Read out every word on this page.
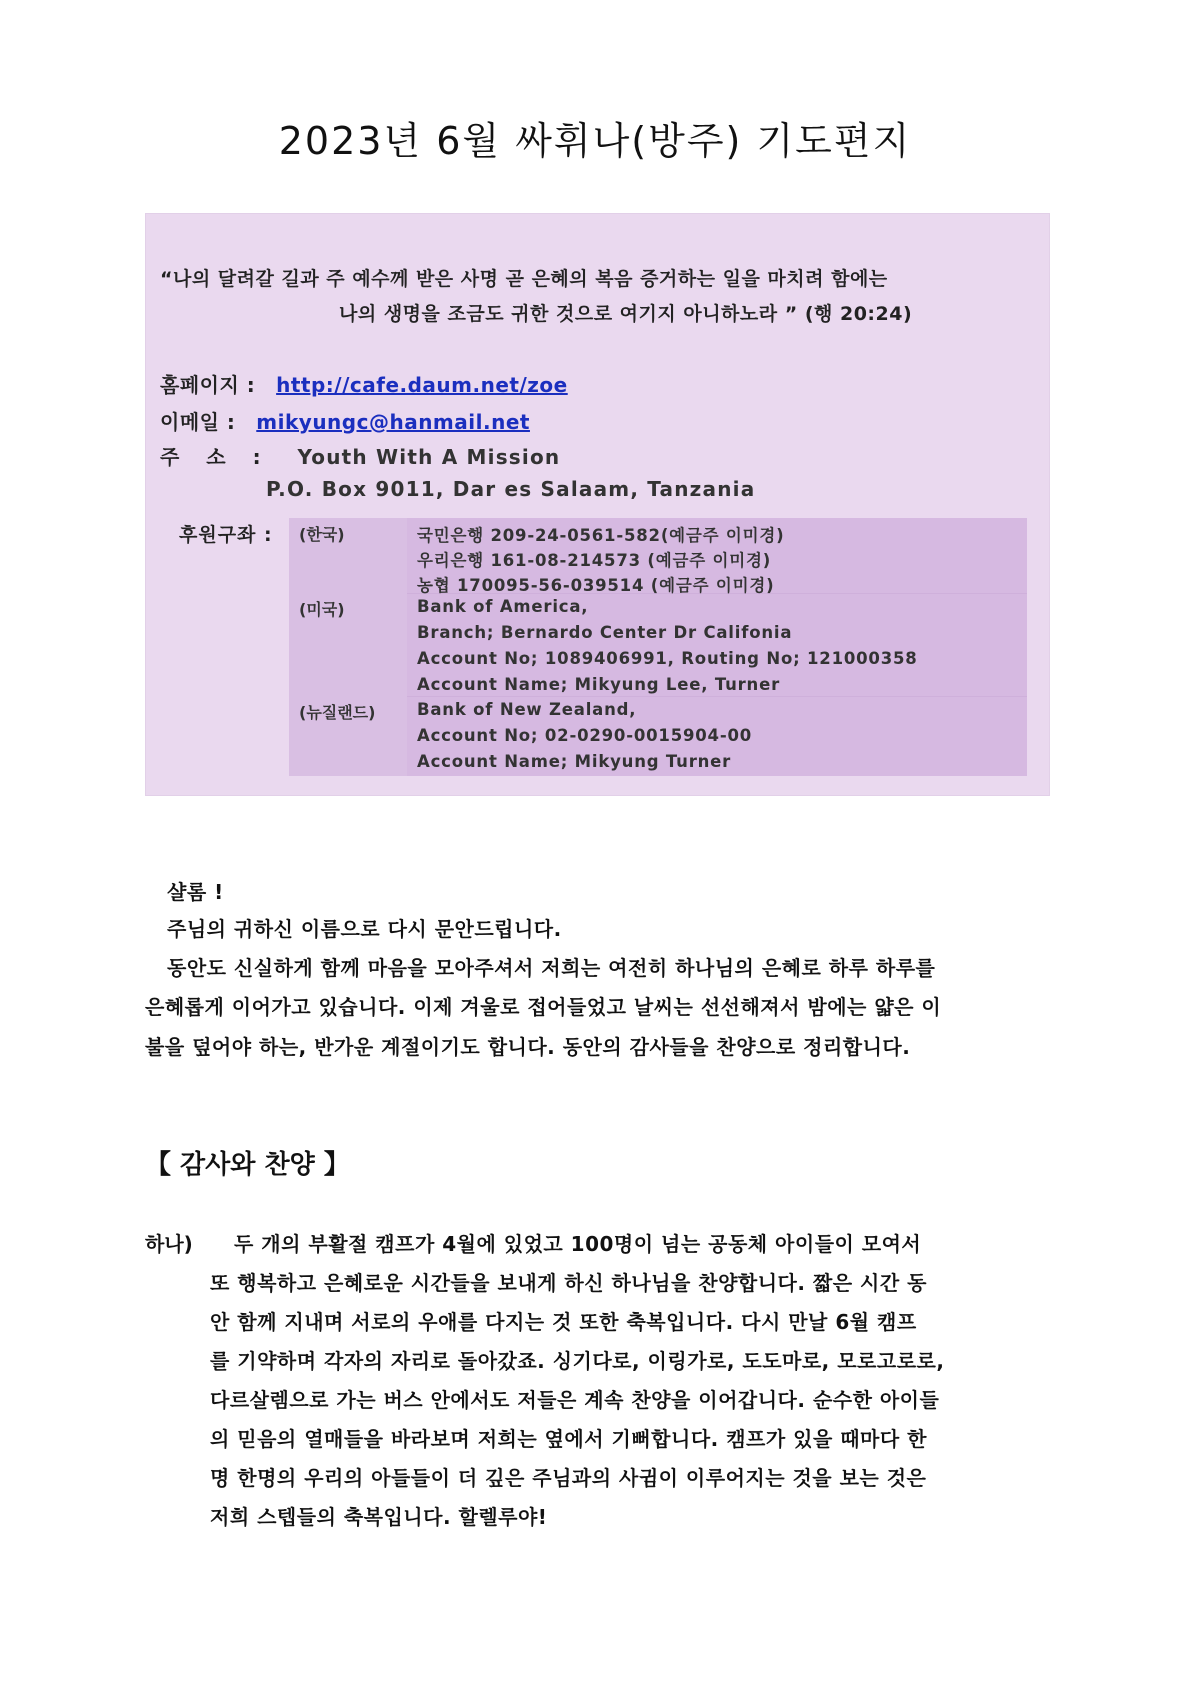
2023년 6월 싸휘나(방주) 기도편지
“나의 달려갈 길과 주 예수께 받은 사명 곧 은혜의 복음 증거하는 일을 마치려 함에는
나의 생명을 조금도 귀한 것으로 여기지 아니하노라 ” (행 20:24)
홈페이지 : http://cafe.daum.net/zoe
이메일 : mikyungc@hanmail.net
주 소 : Youth With A Mission
P.O. Box 9011, Dar es Salaam, Tanzania
후원구좌 : (한국)	국민은행 209-24-0561-582(예금주 이미경)
우리은행 161-08-214573 (예금주 이미경)
농협 170095-56-039514 (예금주 이미경)
(미국)	Bank of America,
Branch; Bernardo Center Dr Califonia
Account No; 1089406991, Routing No; 121000358
Account Name; Mikyung Lee, Turner
(뉴질랜드)	Bank of New Zealand,
Account No; 02-0290-0015904-00
Account Name; Mikyung Turner
샬롬 !
주님의 귀하신 이름으로 다시 문안드립니다.
동안도 신실하게 함께 마음을 모아주셔서 저희는 여전히 하나님의 은혜로 하루 하루를
은혜롭게 이어가고 있습니다. 이제 겨울로 접어들었고 날씨는 선선해져서 밤에는 얇은 이
불을 덮어야 하는, 반가운 계절이기도 합니다. 동안의 감사들을 찬양으로 정리합니다.
【 감사와 찬양 】
하나) 두 개의 부활절 캠프가 4월에 있었고 100명이 넘는 공동체 아이들이 모여서
또 행복하고 은혜로운 시간들을 보내게 하신 하나님을 찬양합니다. 짧은 시간 동
안 함께 지내며 서로의 우애를 다지는 것 또한 축복입니다. 다시 만날 6월 캠프
를 기약하며 각자의 자리로 돌아갔죠. 싱기다로, 이링가로, 도도마로, 모로고로로,
다르살렘으로 가는 버스 안에서도 저들은 계속 찬양을 이어갑니다. 순수한 아이들
의 믿음의 열매들을 바라보며 저희는 옆에서 기뻐합니다. 캠프가 있을 때마다 한
명 한명의 우리의 아들들이 더 깊은 주님과의 사귐이 이루어지는 것을 보는 것은
저희 스텝들의 축복입니다. 할렐루야!
